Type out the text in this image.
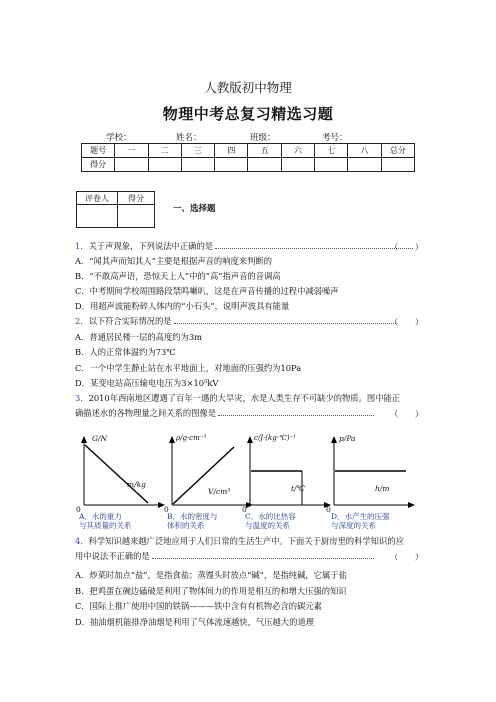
人教版初中物理
物理中考总复习精选习题
学校：	姓名：	班级：	考号：
题号	一	二	三	四	五	六	七	八	总分
得分									
评卷人	得分

一、选择题
1．关于声现象，下列说法中正确的是	（　　）
A．“闻其声而知其人”主要是根据声音的响度来判断的
B．“不敢高声语，恐惊天上人”中的“高”指声音的音调高
C．中考期间学校周围路段禁鸣喇叭，这是在声音传播的过程中减弱噪声
D．用超声波能粉碎人体内的“小石头”，说明声波具有能量
2．以下符合实际情况的是	（　　）
A．普通居民楼一层的高度约为3m
B．人的正常体温约为73℃
C．一个中学生静止站在水平地面上，对地面的压强约为10Pa
D．某变电站高压输电电压为3×10⁵kV
3．2010年西南地区遭遇了百年一遇的大旱灾，水是人类生存不可缺少的物质。图中能正
确描述水的各物理量之间关系的图像是	（　　）
G/N
m/kg
0
A．水的重力
与其质量的关系
ρ/g·cm⁻³
V/cm³
0
B．水的密度与
体积的关系
c/J·(kg·℃)⁻¹
t/℃
0
C．水的比热容
与温度的关系
p/Pa
h/m
0
D．水产生的压强
与深度的关系
4．科学知识越来越广泛地应用于人们日常的生活生产中。下面关于厨房里的科学知识的应
用中说法不正确的是	（　　）
A．炒菜时加点“盐”，是指食盐；蒸馒头时放点“碱”，是指纯碱，它属于盐
B．把鸡蛋在碗边磕破是利用了物体间力的作用是相互的和增大压强的知识
C．国际上推广使用中国的铁锅———铁中含有有机物必含的碳元素
D．抽油烟机能排净油烟是利用了气体流速越快，气压越大的道理
